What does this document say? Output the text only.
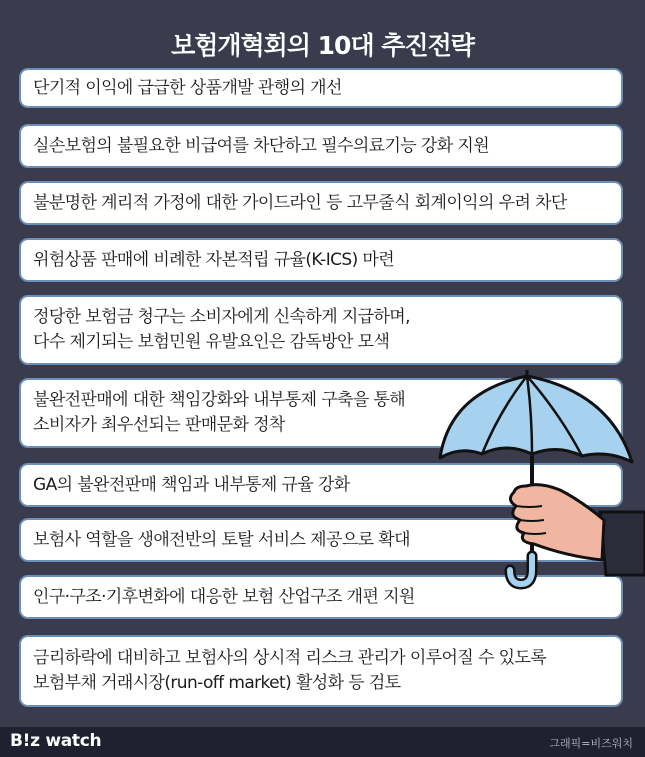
보험개혁회의 10대 추진전략
단기적 이익에 급급한 상품개발 관행의 개선
실손보험의 불필요한 비급여를 차단하고 필수의료기능 강화 지원
불분명한 계리적 가정에 대한 가이드라인 등 고무줄식 회계이익의 우려 차단
위험상품 판매에 비례한 자본적립 규율(K-ICS) 마련
정당한 보험금 청구는 소비자에게 신속하게 지급하며,
다수 제기되는 보험민원 유발요인은 감독방안 모색
불완전판매에 대한 책임강화와 내부통제 구축을 통해
소비자가 최우선되는 판매문화 정착
GA의 불완전판매 책임과 내부통제 규율 강화
보험사 역할을 생애전반의 토탈 서비스 제공으로 확대
인구·구조·기후변화에 대응한 보험 산업구조 개편 지원
금리하락에 대비하고 보험사의 상시적 리스크 관리가 이루어질 수 있도록
보험부채 거래시장(run-off market) 활성화 등 검토
B!z watch	그래픽=비즈워치
